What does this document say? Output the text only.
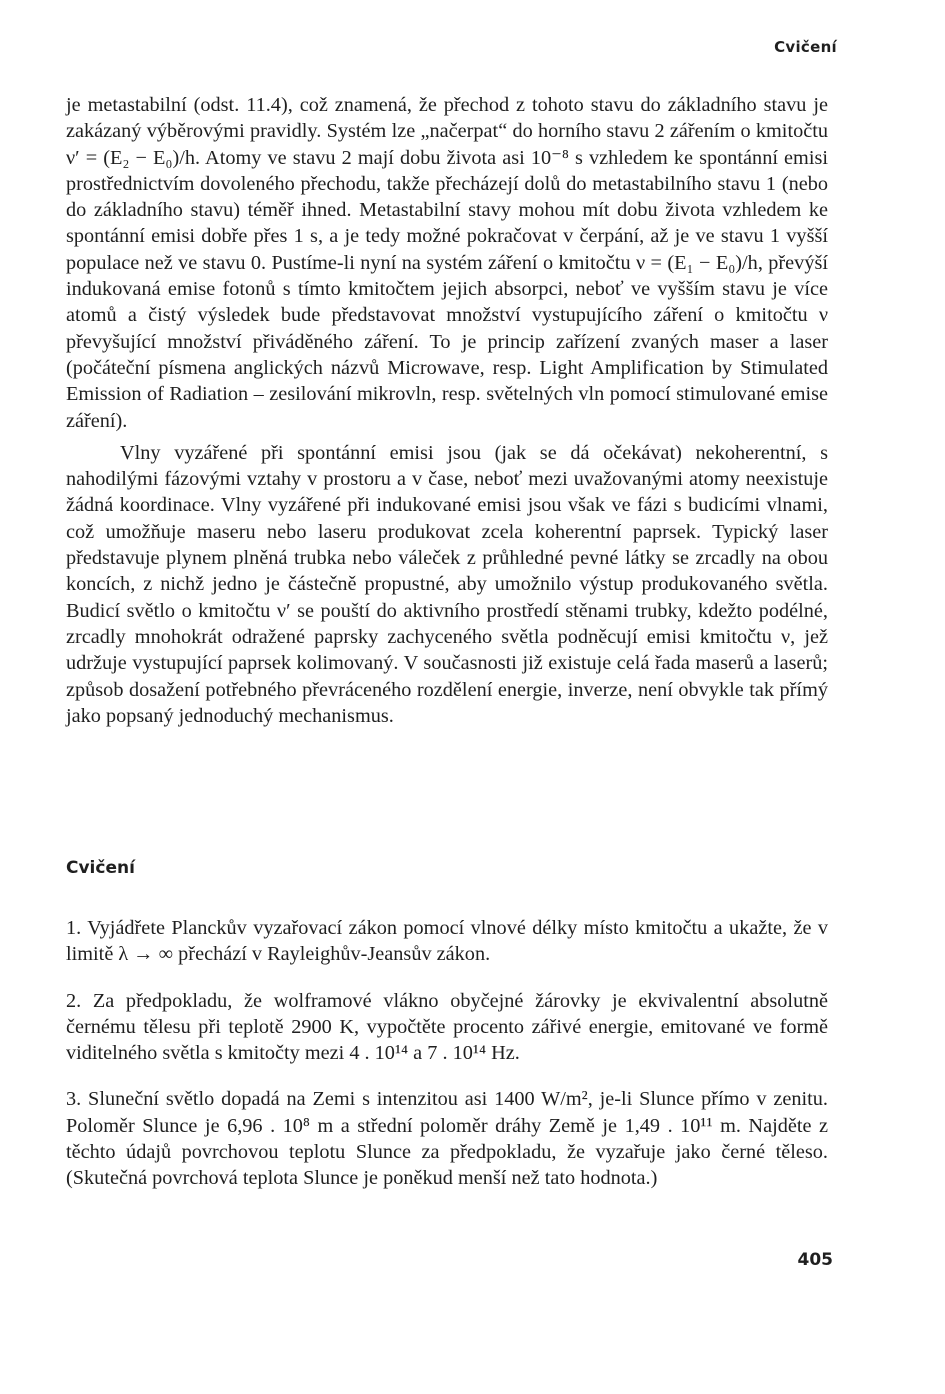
Cvičení

je metastabilní (odst. 11.4), což znamená, že přechod z tohoto stavu do základního stavu je zakázaný výběrovými pravidly. Systém lze „načerpat“ do horního stavu 2 zářením o kmitočtu ν′ = (E₂ − E₀)/h. Atomy ve stavu 2 mají dobu života asi 10⁻⁸ s vzhledem ke spontánní emisi prostřednictvím dovoleného přechodu, takže přecházejí dolů do metastabilního stavu 1 (nebo do základního stavu) téměř ihned. Metastabilní stavy mohou mít dobu života vzhledem ke spontánní emisi dobře přes 1 s, a je tedy možné pokračovat v čerpání, až je ve stavu 1 vyšší populace než ve stavu 0. Pustíme-li nyní na systém záření o kmitočtu ν = (E₁ − E₀)/h, převýší indukovaná emise fotonů s tímto kmitočtem jejich absorpci, neboť ve vyšším stavu je více atomů a čistý výsledek bude představovat množství vystupujícího záření o kmitočtu ν převyšující množství přiváděného záření. To je princip zařízení zvaných maser a laser (počáteční písmena anglických názvů Microwave, resp. Light Amplification by Stimulated Emission of Radiation – zesilování mikrovln, resp. světelných vln pomocí stimulované emise záření).

Vlny vyzářené při spontánní emisi jsou (jak se dá očekávat) nekoherentní, s nahodilými fázovými vztahy v prostoru a v čase, neboť mezi uvažovanými atomy neexistuje žádná koordinace. Vlny vyzářené při indukované emisi jsou však ve fázi s budicími vlnami, což umožňuje maseru nebo laseru produkovat zcela koherentní paprsek. Typický laser představuje plynem plněná trubka nebo váleček z průhledné pevné látky se zrcadly na obou koncích, z nichž jedno je částečně propustné, aby umožnilo výstup produkovaného světla. Budicí světlo o kmitočtu ν′ se pouští do aktivního prostředí stěnami trubky, kdežto podélné, zrcadly mnohokrát odražené paprsky zachyceného světla podněcují emisi kmitočtu ν, jež udržuje vystupující paprsek kolimovaný. V současnosti již existuje celá řada maserů a laserů; způsob dosažení potřebného převráceného rozdělení energie, inverze, není obvykle tak přímý jako popsaný jednoduchý mechanismus.

Cvičení

1. Vyjádřete Planckův vyzařovací zákon pomocí vlnové délky místo kmitočtu a ukažte, že v limitě λ → ∞ přechází v Rayleighův-Jeansův zákon.

2. Za předpokladu, že wolframové vlákno obyčejné žárovky je ekvivalentní absolutně černému tělesu při teplotě 2900 K, vypočtěte procento zářivé energie, emitované ve formě viditelného světla s kmitočty mezi 4 . 10¹⁴ a 7 . 10¹⁴ Hz.

3. Sluneční světlo dopadá na Zemi s intenzitou asi 1400 W/m², je-li Slunce přímo v zenitu. Poloměr Slunce je 6,96 . 10⁸ m a střední poloměr dráhy Země je 1,49 . 10¹¹ m. Najděte z těchto údajů povrchovou teplotu Slunce za předpokladu, že vyzařuje jako černé těleso. (Skutečná povrchová teplota Slunce je poněkud menší než tato hodnota.)

405
